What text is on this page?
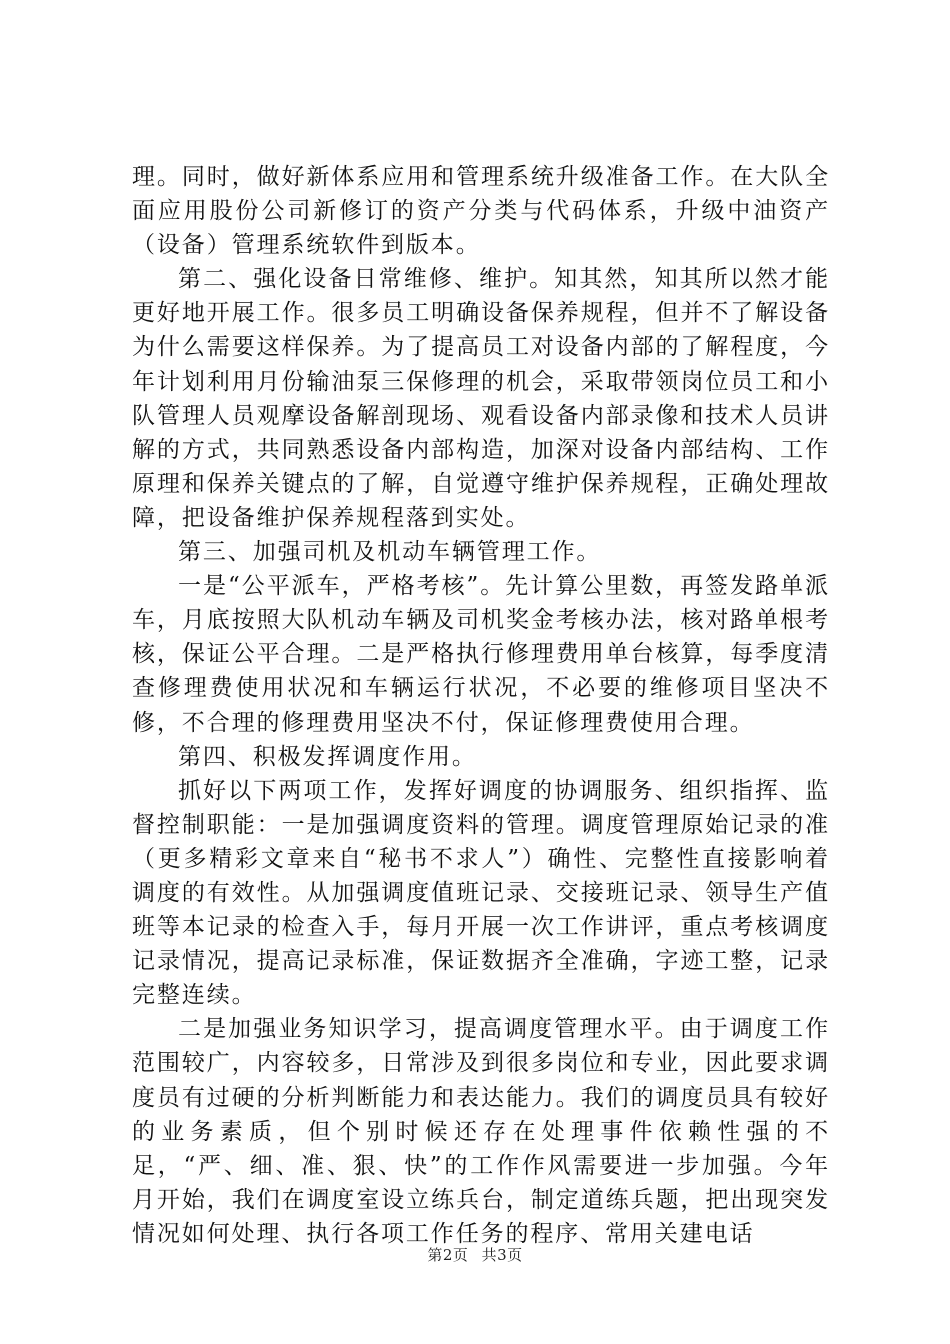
理。同时，做好新体系应用和管理系统升级准备工作。在大队全面应用股份公司新修订的资产分类与代码体系，升级中油资产（设备）管理系统软件到版本。

第二、强化设备日常维修、维护。知其然，知其所以然才能更好地开展工作。很多员工明确设备保养规程，但并不了解设备为什么需要这样保养。为了提高员工对设备内部的了解程度，今年计划利用月份输油泵三保修理的机会，采取带领岗位员工和小队管理人员观摩设备解剖现场、观看设备内部录像和技术人员讲解的方式，共同熟悉设备内部构造，加深对设备内部结构、工作原理和保养关键点的了解，自觉遵守维护保养规程，正确处理故障，把设备维护保养规程落到实处。

第三、加强司机及机动车辆管理工作。

一是“公平派车，严格考核”。先计算公里数，再签发路单派车，月底按照大队机动车辆及司机奖金考核办法，核对路单根考核，保证公平合理。二是严格执行修理费用单台核算，每季度清查修理费使用状况和车辆运行状况，不必要的维修项目坚决不修，不合理的修理费用坚决不付，保证修理费使用合理。

第四、积极发挥调度作用。

抓好以下两项工作，发挥好调度的协调服务、组织指挥、监督控制职能：一是加强调度资料的管理。调度管理原始记录的准（更多精彩文章来自“秘书不求人”）确性、完整性直接影响着调度的有效性。从加强调度值班记录、交接班记录、领导生产值班等本记录的检查入手，每月开展一次工作讲评，重点考核调度记录情况，提高记录标准，保证数据齐全准确，字迹工整，记录完整连续。

二是加强业务知识学习，提高调度管理水平。由于调度工作范围较广，内容较多，日常涉及到很多岗位和专业，因此要求调度员有过硬的分析判断能力和表达能力。我们的调度员具有较好的业务素质，但个别时候还存在处理事件依赖性强的不足，“严、细、准、狠、快”的工作作风需要进一步加强。今年月开始，我们在调度室设立练兵台，制定道练兵题，把出现突发情况如何处理、执行各项工作任务的程序、常用关建电话

第2页 共3页
